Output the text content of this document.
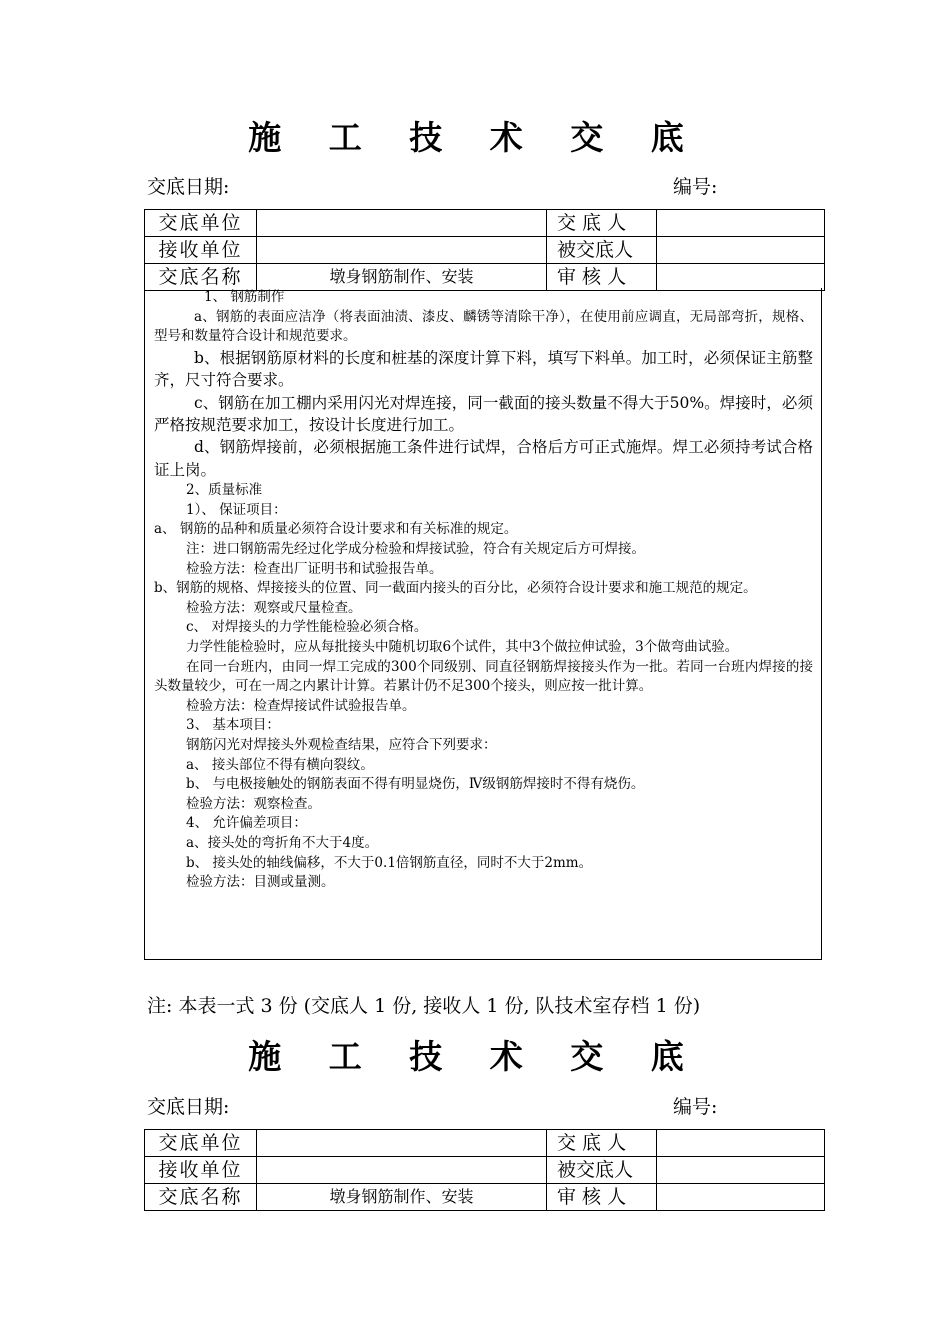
施 工 技 术 交 底
交底日期:	编号:
交底单位		交 底 人	
接收单位		被交底人	
交底名称	墩身钢筋制作、安装	审 核 人	

1、 钢筋制作

a、钢筋的表面应洁净（将表面油渍、漆皮、麟锈等清除干净），在使用前应调直，无局部弯折，规格、型号和数量符合设计和规范要求。

b、根据钢筋原材料的长度和桩基的深度计算下料，填写下料单。加工时，必须保证主筋整齐，尺寸符合要求。

c、钢筋在加工棚内采用闪光对焊连接，同一截面的接头数量不得大于50%。焊接时，必须严格按规范要求加工，按设计长度进行加工。

d、钢筋焊接前，必须根据施工条件进行试焊，合格后方可正式施焊。焊工必须持考试合格证上岗。

2、质量标准

1）、 保证项目：

a、 钢筋的品种和质量必须符合设计要求和有关标准的规定。

注：进口钢筋需先经过化学成分检验和焊接试验，符合有关规定后方可焊接。

检验方法：检查出厂证明书和试验报告单。

b、钢筋的规格、焊接接头的位置、同一截面内接头的百分比，必须符合设计要求和施工规范的规定。

检验方法：观察或尺量检查。

c、 对焊接头的力学性能检验必须合格。

力学性能检验时，应从每批接头中随机切取6个试件，其中3个做拉伸试验，3个做弯曲试验。

在同一台班内，由同一焊工完成的300个同级别、同直径钢筋焊接接头作为一批。若同一台班内焊接的接头数量较少，可在一周之内累计计算。若累计仍不足300个接头，则应按一批计算。

检验方法：检查焊接试件试验报告单。

3、 基本项目：

钢筋闪光对焊接头外观检查结果，应符合下列要求：

a、 接头部位不得有横向裂纹。

b、 与电极接触处的钢筋表面不得有明显烧伤，Ⅳ级钢筋焊接时不得有烧伤。

检验方法：观察检查。

4、 允许偏差项目：

a、接头处的弯折角不大于4度。

b、 接头处的轴线偏移，不大于0.1倍钢筋直径，同时不大于2mm。

检验方法：目测或量测。

注: 本表一式 3 份 (交底人 1 份, 接收人 1 份, 队技术室存档 1 份)
施 工 技 术 交 底
交底日期:	编号:
交底单位		交 底 人	
接收单位		被交底人	
交底名称	墩身钢筋制作、安装	审 核 人	
